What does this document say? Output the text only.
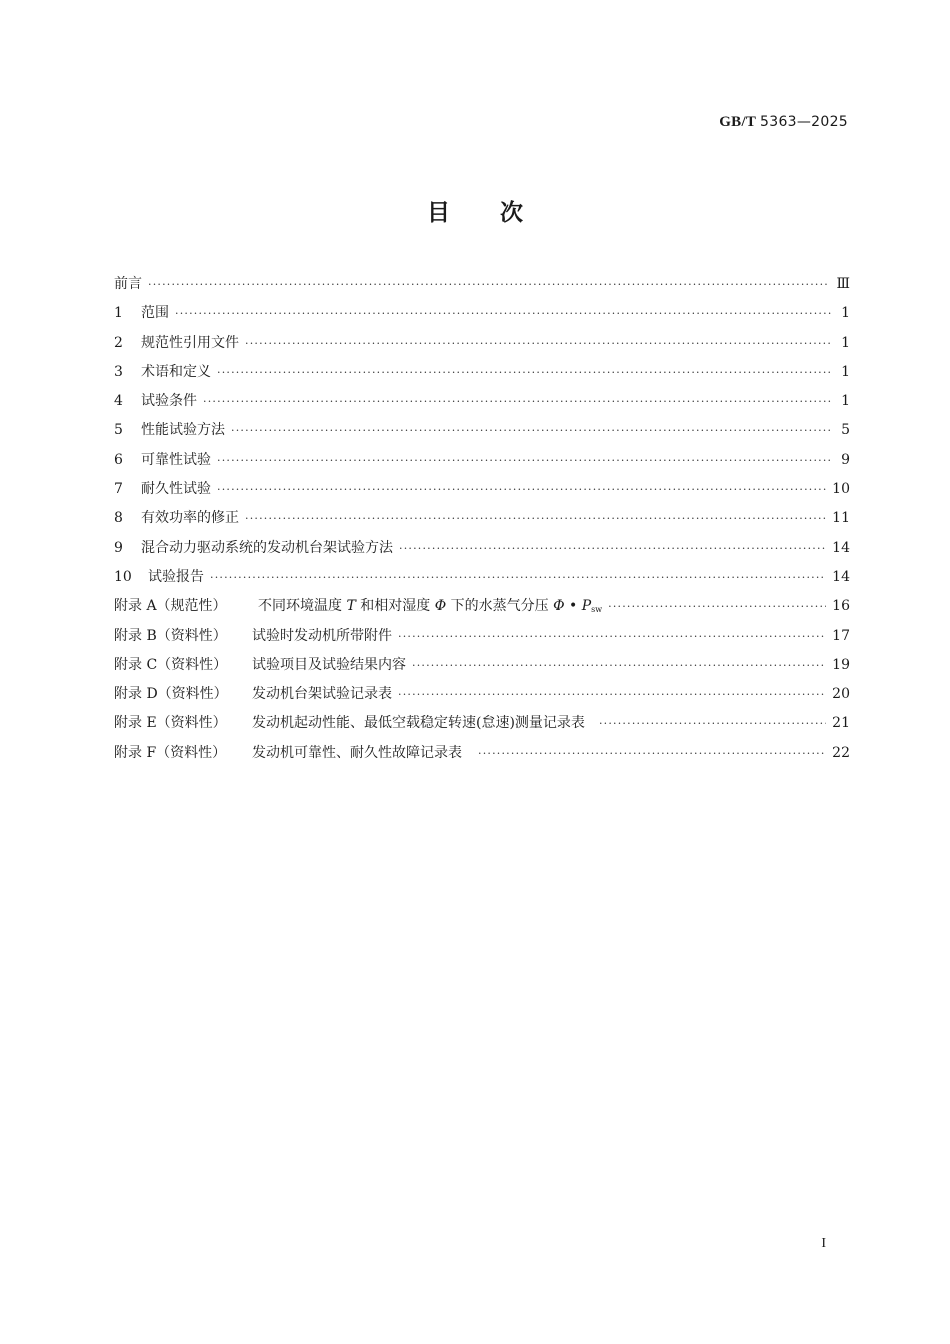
GB/T 5363—2025
目 次
前言 ·····	Ⅲ
1	范围 ·····	1
2	规范性引用文件 ·····	1
3	术语和定义 ·····	1
4	试验条件 ·····	1
5	性能试验方法 ·····	5
6	可靠性试验 ·····	9
7	耐久性试验 ·····	10
8	有效功率的修正 ·····	11
9	混合动力驱动系统的发动机台架试验方法 ·····	14
10	试验报告 ·····	14
附录 A（规范性）	不同环境温度 T 和相对湿度 Φ 下的水蒸气分压 Φ • $P_{sw}$ ·····	16
附录 B（资料性）	试验时发动机所带附件 ·····	17
附录 C（资料性）	试验项目及试验结果内容 ·····	19
附录 D（资料性）	发动机台架试验记录表 ·····	20
附录 E（资料性）	发动机起动性能、最低空载稳定转速(怠速)测量记录表 ·····	21
附录 F（资料性）	发动机可靠性、耐久性故障记录表 ·····	22
I
